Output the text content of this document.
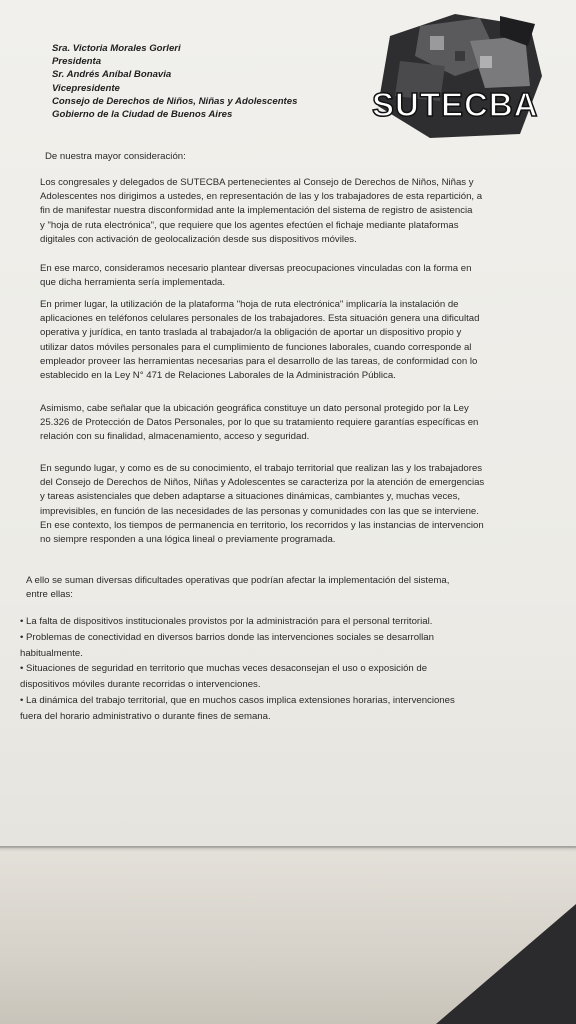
SUTECBA
Sra. Victoria Morales Gorleri
Presidenta
Sr. Andrés Aníbal Bonavia
Vicepresidente
Consejo de Derechos de Niños, Niñas y Adolescentes
Gobierno de la Ciudad de Buenos Aires
De nuestra mayor consideración:
Los congresales y delegados de SUTECBA pertenecientes al Consejo de Derechos de Niños, Niñas y
Adolescentes nos dirigimos a ustedes, en representación de las y los trabajadores de esta repartición, a
fin de manifestar nuestra disconformidad ante la implementación del sistema de registro de asistencia
y "hoja de ruta electrónica", que requiere que los agentes efectúen el fichaje mediante plataformas
digitales con activación de geolocalización desde sus dispositivos móviles.
En ese marco, consideramos necesario plantear diversas preocupaciones vinculadas con la forma en
que dicha herramienta sería implementada.
En primer lugar, la utilización de la plataforma "hoja de ruta electrónica" implicaría la instalación de
aplicaciones en teléfonos celulares personales de los trabajadores. Esta situación genera una dificultad
operativa y jurídica, en tanto traslada al trabajador/a la obligación de aportar un dispositivo propio y
utilizar datos móviles personales para el cumplimiento de funciones laborales, cuando corresponde al
empleador proveer las herramientas necesarias para el desarrollo de las tareas, de conformidad con lo
establecido en la Ley N° 471 de Relaciones Laborales de la Administración Pública.
Asimismo, cabe señalar que la ubicación geográfica constituye un dato personal protegido por la Ley
25.326 de Protección de Datos Personales, por lo que su tratamiento requiere garantías específicas en
relación con su finalidad, almacenamiento, acceso y seguridad.
En segundo lugar, y como es de su conocimiento, el trabajo territorial que realizan las y los trabajadores
del Consejo de Derechos de Niños, Niñas y Adolescentes se caracteriza por la atención de emergencias
y tareas asistenciales que deben adaptarse a situaciones dinámicas, cambiantes y, muchas veces,
imprevisibles, en función de las necesidades de las personas y comunidades con las que se interviene.
En ese contexto, los tiempos de permanencia en territorio, los recorridos y las instancias de intervencion
no siempre responden a una lógica lineal o previamente programada.
A ello se suman diversas dificultades operativas que podrían afectar la implementación del sistema,
entre ellas:
• La falta de dispositivos institucionales provistos por la administración para el personal territorial.
• Problemas de conectividad en diversos barrios donde las intervenciones sociales se desarrollan
habitualmente.
• Situaciones de seguridad en territorio que muchas veces desaconsejan el uso o exposición de
dispositivos móviles durante recorridas o intervenciones.
• La dinámica del trabajo territorial, que en muchos casos implica extensiones horarias, intervenciones
fuera del horario administrativo o durante fines de semana.
